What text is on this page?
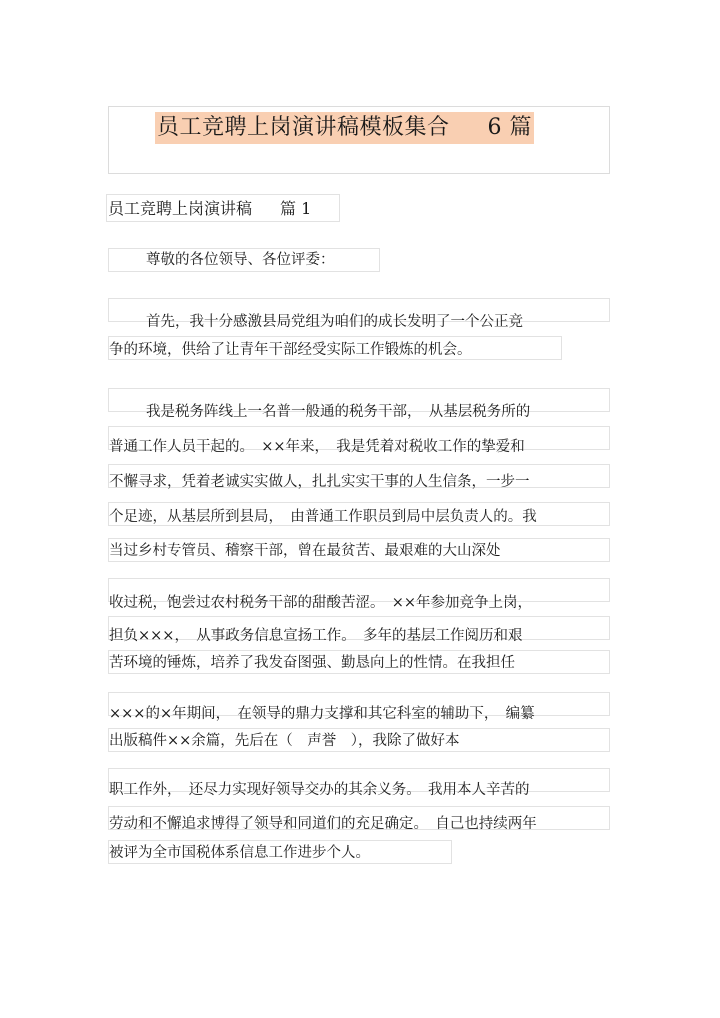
员工竞聘上岗演讲稿模板集合 6 篇
员工竞聘上岗演讲稿 篇 1
尊敬的各位领导、各位评委：
首先，我十分感激县局党组为咱们的成长发明了一个公正竞
争的环境，供给了让青年干部经受实际工作锻炼的机会。
我是税务阵线上一名普一般通的税务干部，　从基层税务所的
普通工作人员干起的。　××年来，　我是凭着对税收工作的挚爱和
不懈寻求，凭着老诚实实做人，扎扎实实干事的人生信条，一步一
个足迹，从基层所到县局，　由普通工作职员到局中层负责人的。我
当过乡村专管员、稽察干部，曾在最贫苦、最艰难的大山深处
收过税，饱尝过农村税务干部的甜酸苦涩。　××年参加竞争上岗，
担负×××，　从事政务信息宣扬工作。　多年的基层工作阅历和艰
苦环境的锤炼，培养了我发奋图强、勤恳向上的性情。在我担任
×××的×年期间，　在领导的鼎力支撑和其它科室的辅助下，　编纂
出版稿件××余篇，先后在（　声誉　），我除了做好本
职工作外，　还尽力实现好领导交办的其余义务。　我用本人辛苦的
劳动和不懈追求博得了领导和同道们的充足确定。　自己也持续两年
被评为全市国税体系信息工作进步个人。
